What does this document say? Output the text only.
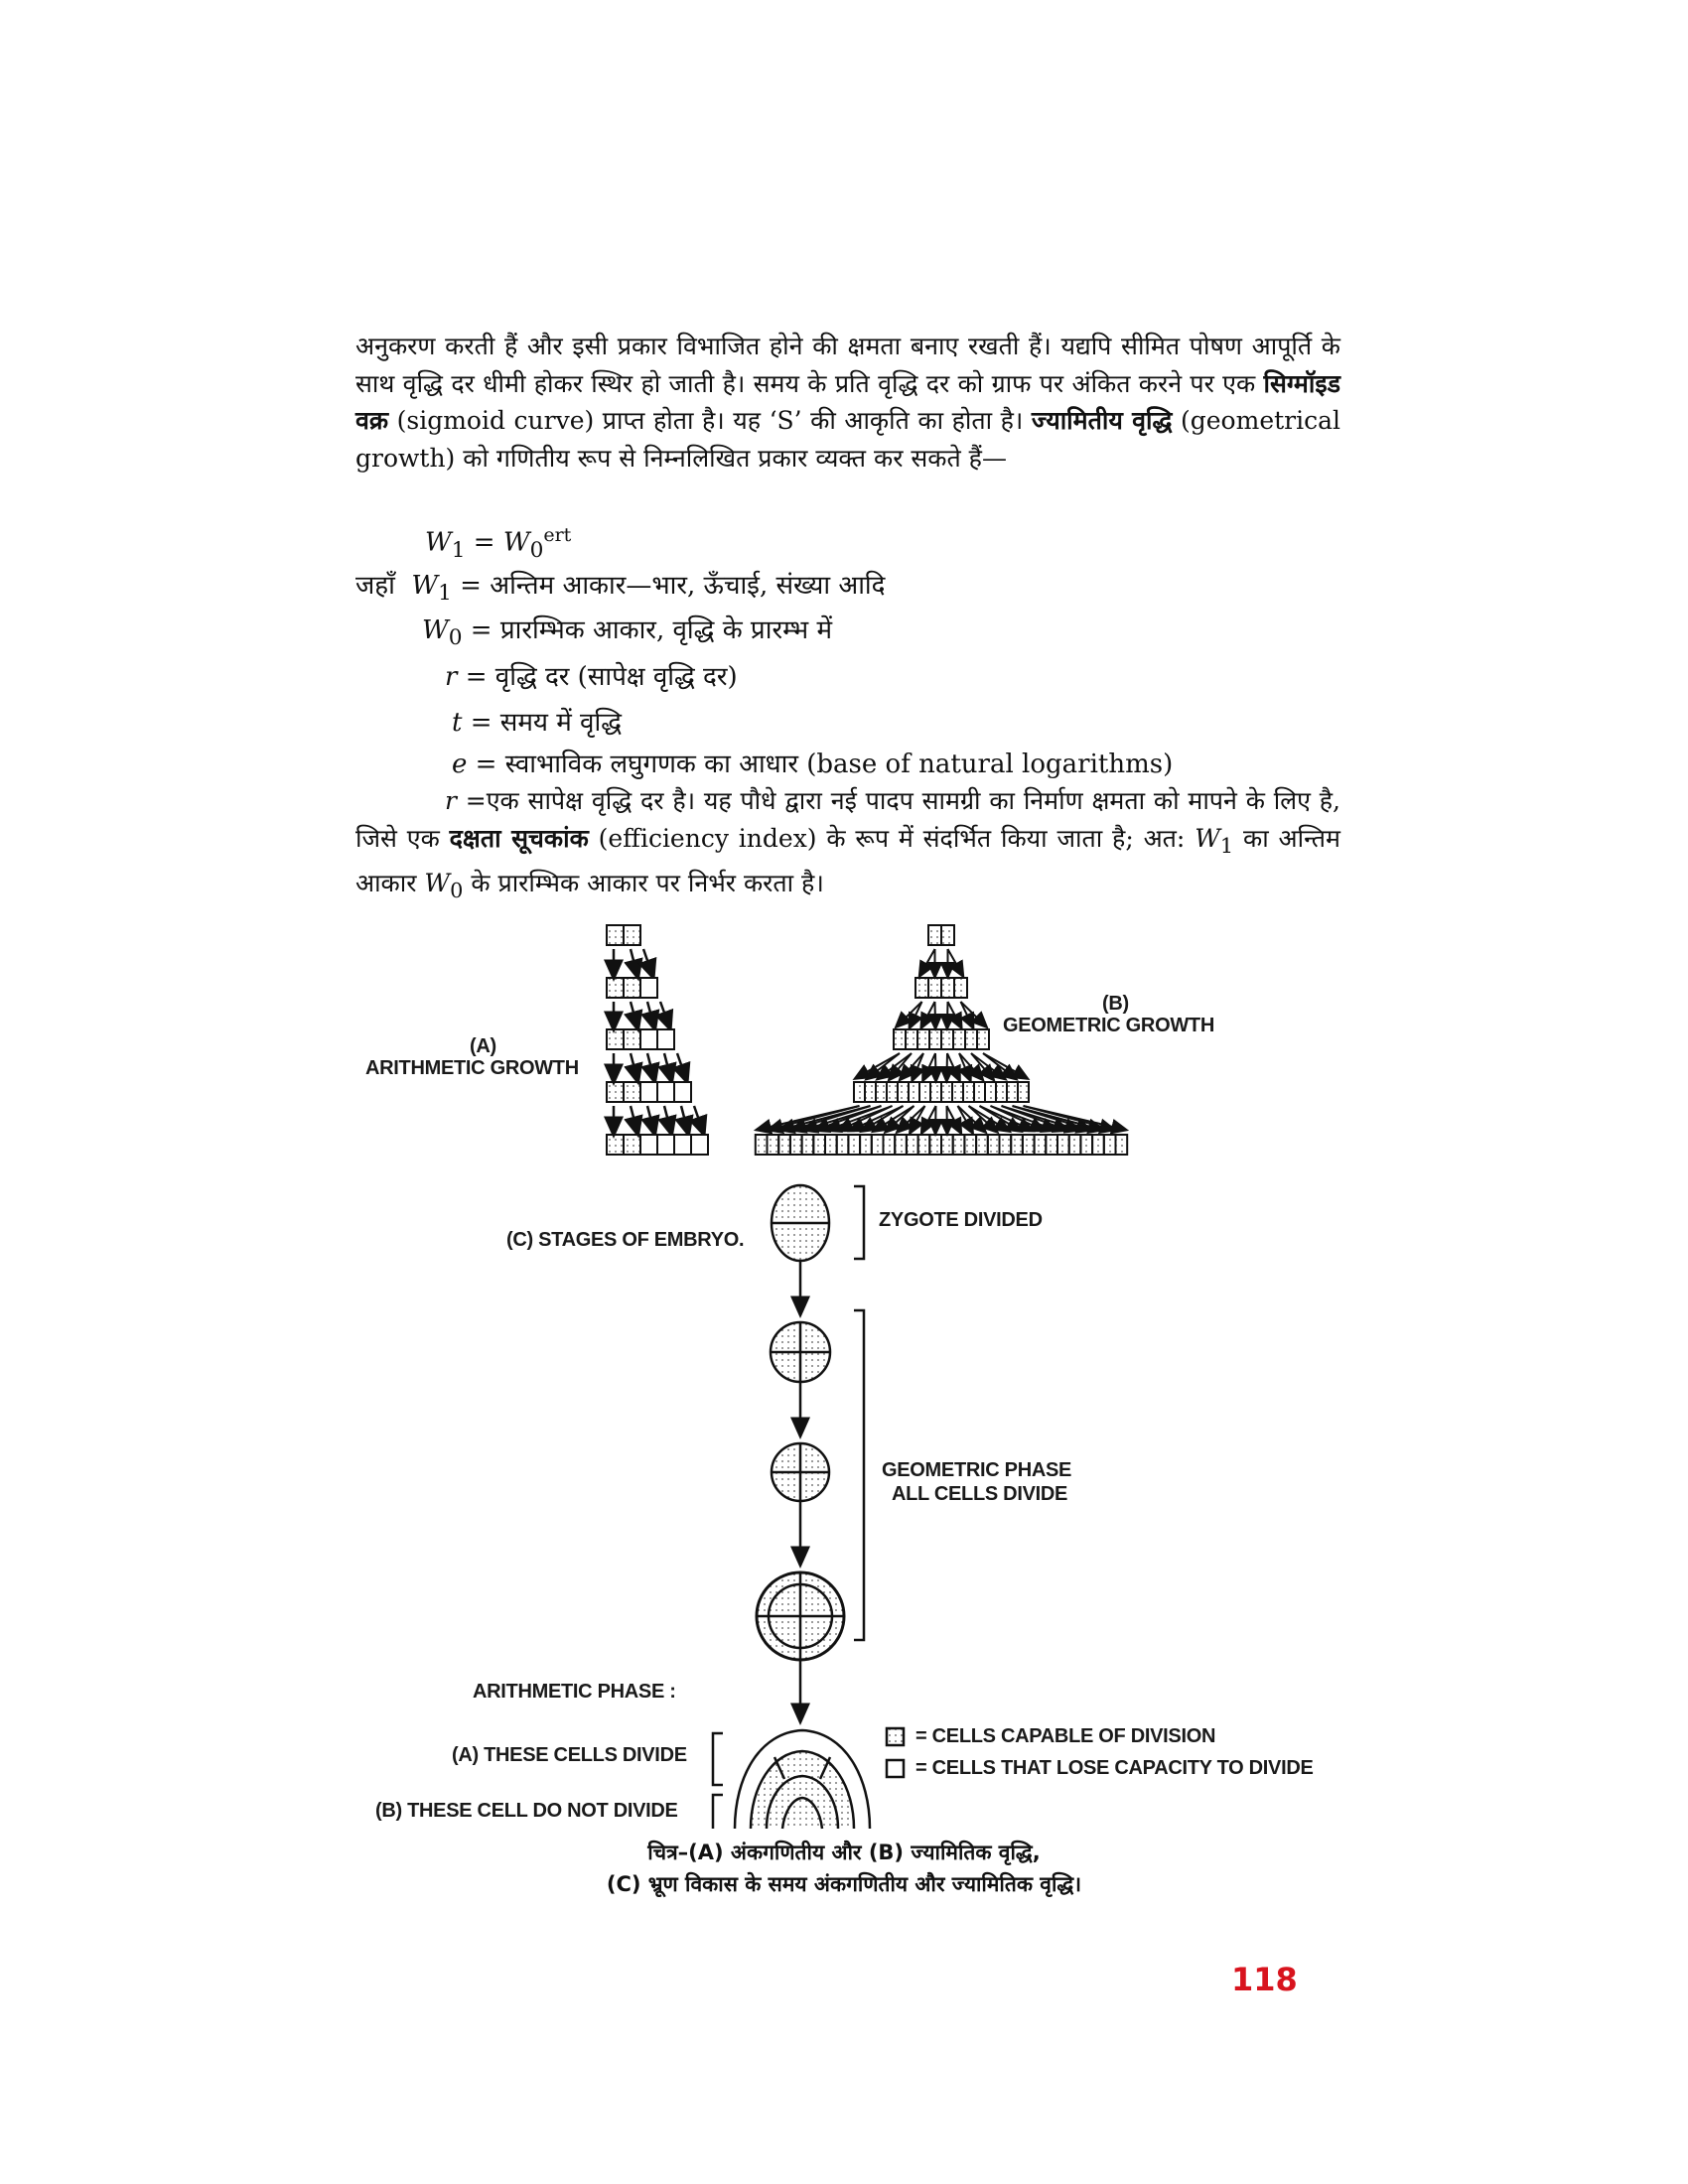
अनुकरण करती हैं और इसी प्रकार विभाजित होने की क्षमता बनाए रखती हैं। यद्यपि सीमित पोषण आपूर्ति के साथ वृद्धि दर धीमी होकर स्थिर हो जाती है। समय के प्रति वृद्धि दर को ग्राफ पर अंकित करने पर एक सिग्मॉइड वक्र (sigmoid curve) प्राप्त होता है। यह ‘S’ की आकृति का होता है। ज्यामितीय वृद्धि (geometrical growth) को गणितीय रूप से निम्नलिखित प्रकार व्यक्त कर सकते हैं—
$W_1 = W_0^{ert}$
जहाँ $W_1$ = अन्तिम आकार—भार, ऊँचाई, संख्या आदि
$W_0$ = प्रारम्भिक आकार, वृद्धि के प्रारम्भ में
r = वृद्धि दर (सापेक्ष वृद्धि दर)
t = समय में वृद्धि
e = स्वाभाविक लघुगणक का आधार (base of natural logarithms)
r =एक सापेक्ष वृद्धि दर है। यह पौधे द्वारा नई पादप सामग्री का निर्माण क्षमता को मापने के लिए है, जिसे एक दक्षता सूचकांक (efficiency index) के रूप में संदर्भित किया जाता है; अत: $W_1$ का अन्तिम आकार $W_0$ के प्रारम्भिक आकार पर निर्भर करता है।
(A)
ARITHMETIC GROWTH
(B)
GEOMETRIC GROWTH
(C) STAGES OF EMBRYO.
ZYGOTE DIVIDED
GEOMETRIC PHASE
ALL CELLS DIVIDE
ARITHMETIC PHASE :
(A) THESE CELLS DIVIDE
(B) THESE CELL DO NOT DIVIDE
= CELLS CAPABLE OF DIVISION
= CELLS THAT LOSE CAPACITY TO DIVIDE
चित्र–(A) अंकगणितीय और (B) ज्यामितिक वृद्धि,
(C) भ्रूण विकास के समय अंकगणितीय और ज्यामितिक वृद्धि।
118
